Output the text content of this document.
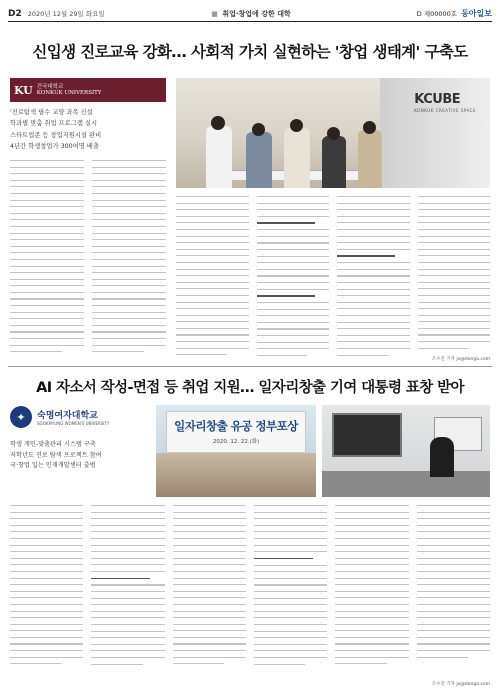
D2 2020년 12월 29일 화요일	■ 취업·창업에 강한 대학	D 제00000호 동아일보
신입생 진로교육 강화… 사회적 가치 실현하는 '창업 생태계' 구축도
KU 건국대학교
KONKUK UNIVERSITY
'진로탐색 필수 교양 과목 신설
학과별 맞춤 취업 프로그램 실시
스타트업존 등 창업지원시설 완비
4년간 학생창업가 300여명 배출
KCUBE
KONKUK CREATIVE SPACE
조수진 기자 jo@donga.com
AI 자소서 작성-면접 등 취업 지원… 일자리창출 기여 대통령 표창 받아
✦	숙명여자대학교
SOOKMYUNG WOMEN'S UNIVERSITY
학생 개인-맞춤관리 시스템 구축
저학년도 진로 탐색 프로젝트 참여
국·창업 입는 인재개발센터 출범
일자리창출 유공 정부포상
2020. 12. 22.(화)
조수진 기자 jo@donga.com
